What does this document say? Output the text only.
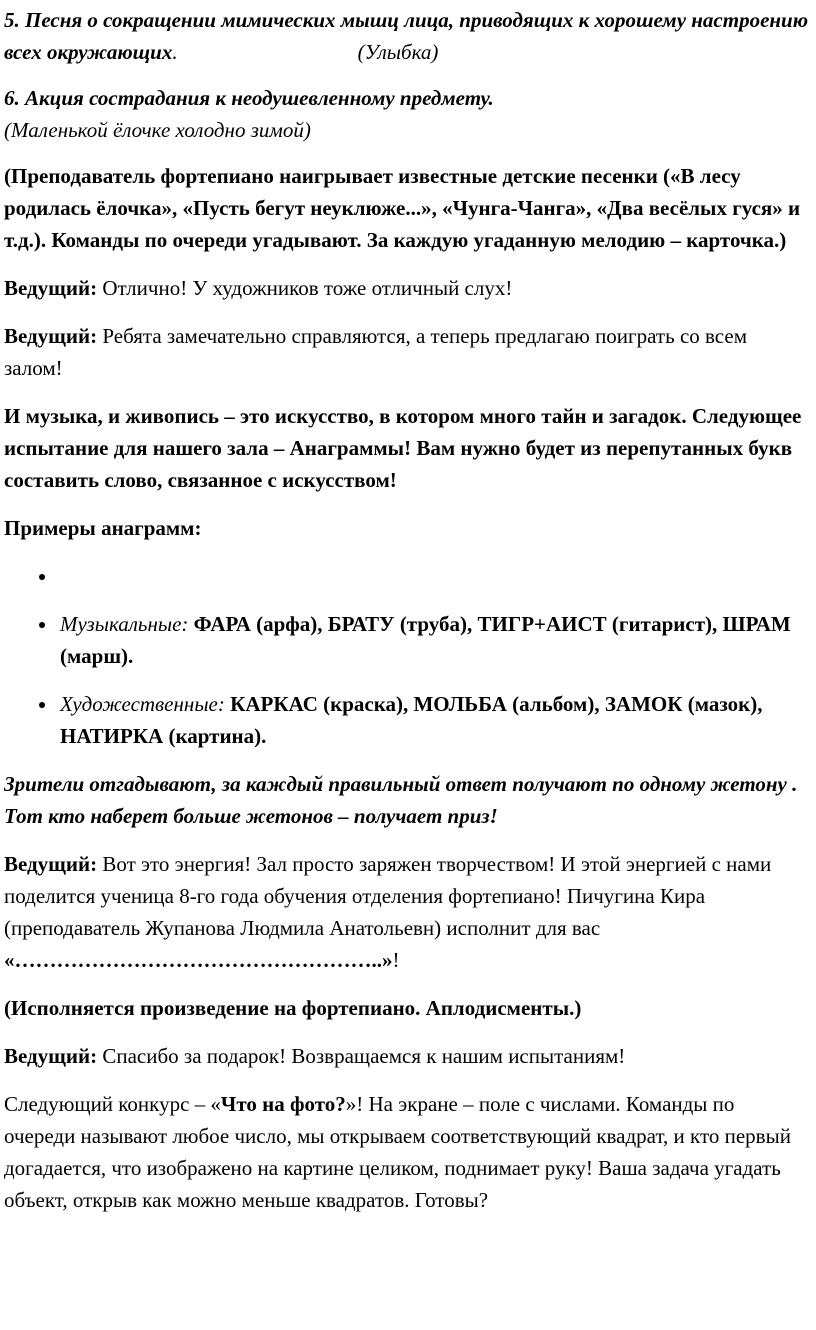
5. Песня о сокращении мимических мышц лица, приводящих к хорошему настроению всех окружающих.	(Улыбка)

6. Акция сострадания к неодушевленному предмету.
(Маленькой ёлочке холодно зимой)

(Преподаватель фортепиано наигрывает известные детские песенки («В лесу родилась ёлочка», «Пусть бегут неуклюже...», «Чунга-Чанга», «Два весёлых гуся» и т.д.). Команды по очереди угадывают. За каждую угаданную мелодию – карточка.)

Ведущий: Отлично! У художников тоже отличный слух!

Ведущий: Ребята замечательно справляются, а теперь предлагаю поиграть со всем залом!

И музыка, и живопись – это искусство, в котором много тайн и загадок. Следующее испытание для нашего зала – Анаграммы! Вам нужно будет из перепутанных букв составить слово, связанное с искусством!

Примеры анаграмм:

•
• Музыкальные: ФАРА (арфа), БРАТУ (труба), ТИГР+АИСТ (гитарист), ШРАМ (марш).
• Художественные: КАРКАС (краска), МОЛЬБА (альбом), ЗАМОК (мазок), НАТИРКА (картина).

Зрители отгадывают, за каждый правильный ответ получают по одному жетону . Тот кто наберет больше жетонов – получает приз!

Ведущий: Вот это энергия! Зал просто заряжен творчеством! И этой энергией с нами поделится ученица 8-го года обучения отделения фортепиано! Пичугина Кира (преподаватель Жупанова Людмила Анатольевн) исполнит для вас «……………………………………………..»!

(Исполняется произведение на фортепиано. Аплодисменты.)

Ведущий: Спасибо за подарок! Возвращаемся к нашим испытаниям!

Следующий конкурс – «Что на фото?»! На экране – поле с числами. Команды по очереди называют любое число, мы открываем соответствующий квадрат, и кто первый догадается, что изображено на картине целиком, поднимает руку! Ваша задача угадать объект, открыв как можно меньше квадратов. Готовы?
